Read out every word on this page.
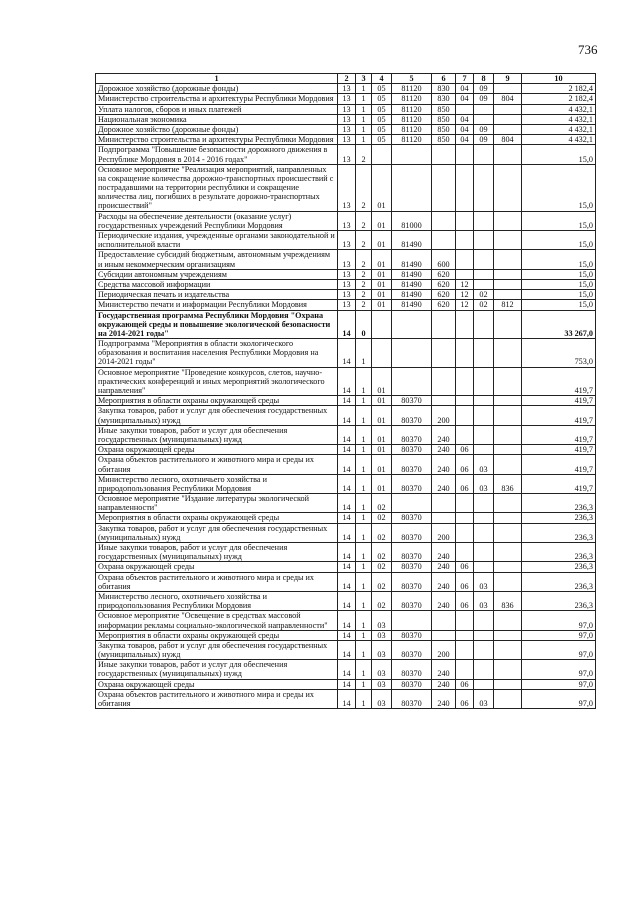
736
1	2	3	4	5	6	7	8	9	10
Дорожное хозяйство (дорожные фонды)	13	1	05	81120	830	04	09		2 182,4
Министерство строительства и архитектуры Республики Мордовия	13	1	05	81120	830	04	09	804	2 182,4
Уплата налогов, сборов и иных платежей	13	1	05	81120	850				4 432,1
Национальная экономика	13	1	05	81120	850	04			4 432,1
Дорожное хозяйство (дорожные фонды)	13	1	05	81120	850	04	09		4 432,1
Министерство строительства и архитектуры Республики Мордовия	13	1	05	81120	850	04	09	804	4 432,1
Подпрограмма "Повышение безопасности дорожного движения в Республике Мордовия в 2014 - 2016 годах"	13	2							15,0
Основное мероприятие "Реализация мероприятий, направленных на сокращение количества дорожно-транспортных происшествий с пострадавшими на территории республики и сокращение количества лиц, погибших в результате дорожно-транспортных происшествий"	13	2	01						15,0
Расходы на обеспечение деятельности (оказание услуг) государственных учреждений Республики Мордовия	13	2	01	81000					15,0
Периодические издания, учрежденные органами законодательной и исполнительной власти	13	2	01	81490					15,0
Предоставление субсидий бюджетным, автономным учреждениям и иным некоммерческим организациям	13	2	01	81490	600				15,0
Субсидии автономным учреждениям	13	2	01	81490	620				15,0
Средства массовой информации	13	2	01	81490	620	12			15,0
Периодическая печать и издательства	13	2	01	81490	620	12	02		15,0
Министерство печати и информации Республики Мордовия	13	2	01	81490	620	12	02	812	15,0
Государственная программа Республики Мордовия "Охрана окружающей среды и повышение экологической безопасности на 2014-2021 годы"	14	0							33 267,0
Подпрограмма "Мероприятия в области экологического образования и воспитания населения Республики Мордовия на 2014-2021 годы"	14	1							753,0
Основное мероприятие "Проведение конкурсов, слетов, научно-практических конференций и иных мероприятий экологического направления"	14	1	01						419,7
Мероприятия в области охраны окружающей среды	14	1	01	80370					419,7
Закупка товаров, работ и услуг для обеспечения государственных (муниципальных) нужд	14	1	01	80370	200				419,7
Иные закупки товаров, работ и услуг для обеспечения государственных (муниципальных) нужд	14	1	01	80370	240				419,7
Охрана окружающей среды	14	1	01	80370	240	06			419,7
Охрана объектов растительного и животного мира и среды их обитания	14	1	01	80370	240	06	03		419,7
Министерство лесного, охотничьего хозяйства и природопользования Республики Мордовия	14	1	01	80370	240	06	03	836	419,7
Основное мероприятие "Издание литературы экологической направленности"	14	1	02						236,3
Мероприятия в области охраны окружающей среды	14	1	02	80370					236,3
Закупка товаров, работ и услуг для обеспечения государственных (муниципальных) нужд	14	1	02	80370	200				236,3
Иные закупки товаров, работ и услуг для обеспечения государственных (муниципальных) нужд	14	1	02	80370	240				236,3
Охрана окружающей среды	14	1	02	80370	240	06			236,3
Охрана объектов растительного и животного мира и среды их обитания	14	1	02	80370	240	06	03		236,3
Министерство лесного, охотничьего хозяйства и природопользования Республики Мордовия	14	1	02	80370	240	06	03	836	236,3
Основное мероприятие "Освещение в средствах массовой информации рекламы социально-экологической направленности"	14	1	03						97,0
Мероприятия в области охраны окружающей среды	14	1	03	80370					97,0
Закупка товаров, работ и услуг для обеспечения государственных (муниципальных) нужд	14	1	03	80370	200				97,0
Иные закупки товаров, работ и услуг для обеспечения государственных (муниципальных) нужд	14	1	03	80370	240				97,0
Охрана окружающей среды	14	1	03	80370	240	06			97,0
Охрана объектов растительного и животного мира и среды их обитания	14	1	03	80370	240	06	03		97,0
